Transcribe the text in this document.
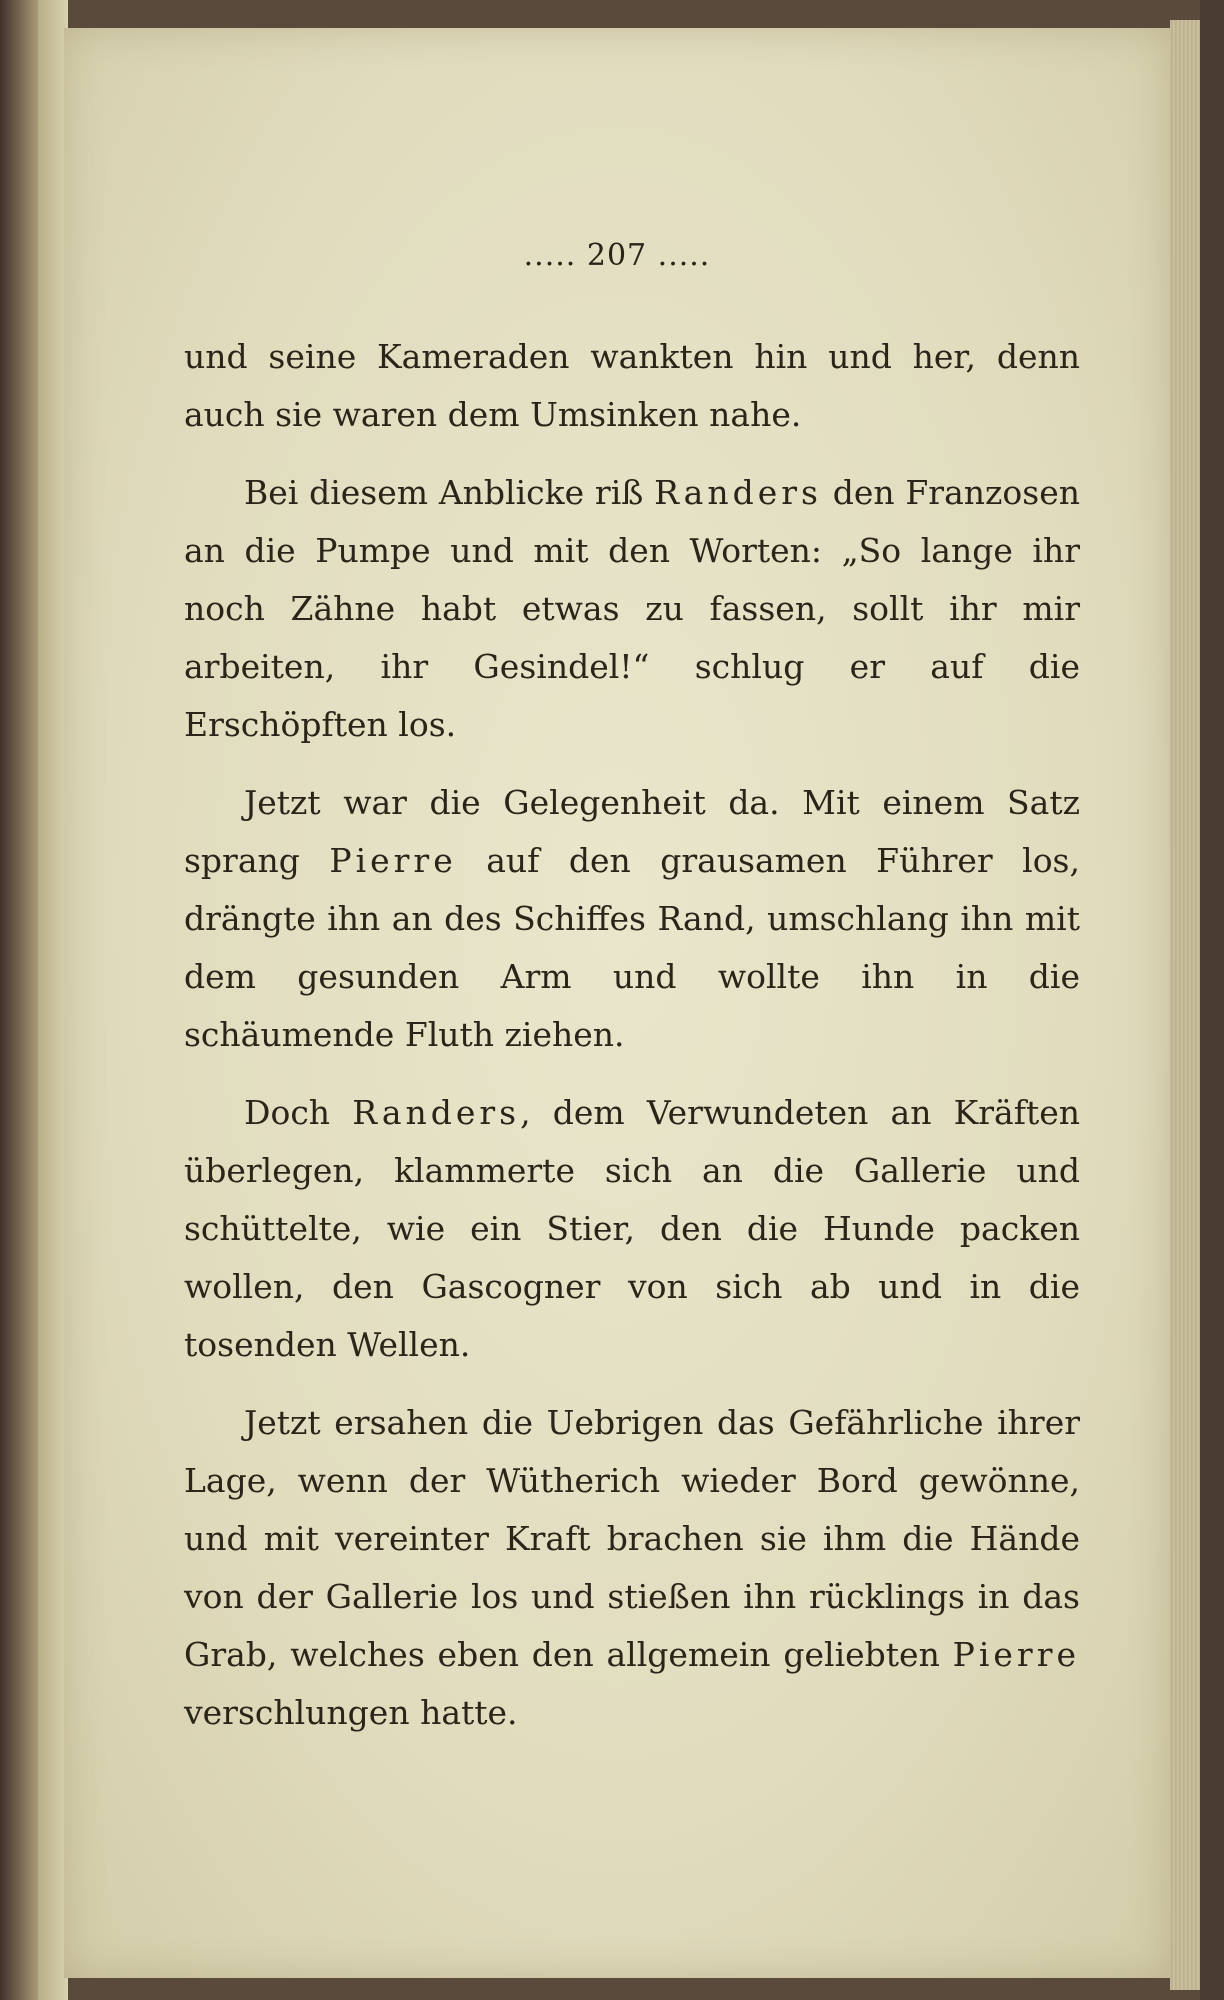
..... 207 .....

und seine Kameraden wankten hin und her, denn auch sie waren dem Umsinken nahe.

Bei diesem Anblicke riß Randers den Franzosen an die Pumpe und mit den Worten: „So lange ihr noch Zähne habt etwas zu fassen, sollt ihr mir arbeiten, ihr Gesindel!“ schlug er auf die Erschöpften los.

Jetzt war die Gelegenheit da. Mit einem Satz sprang Pierre auf den grausamen Führer los, drängte ihn an des Schiffes Rand, umschlang ihn mit dem gesunden Arm und wollte ihn in die schäumende Fluth ziehen.

Doch Randers, dem Verwundeten an Kräften überlegen, klammerte sich an die Gallerie und schüttelte, wie ein Stier, den die Hunde packen wollen, den Gascogner von sich ab und in die tosenden Wellen.

Jetzt ersahen die Uebrigen das Gefährliche ihrer Lage, wenn der Wütherich wieder Bord gewönne, und mit vereinter Kraft brachen sie ihm die Hände von der Gallerie los und stießen ihn rücklings in das Grab, welches eben den allgemein geliebten Pierre verschlungen hatte.
